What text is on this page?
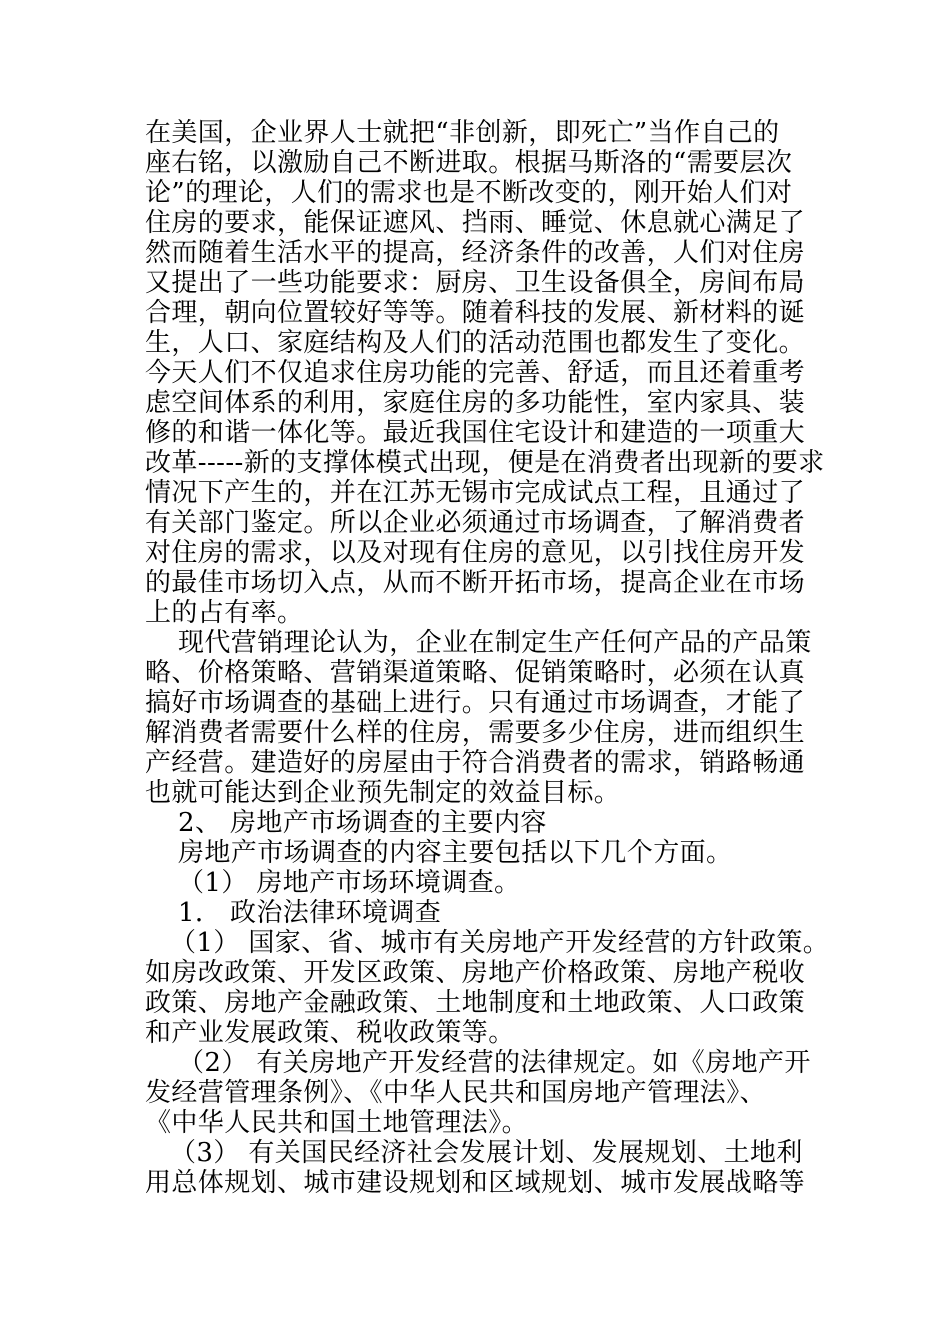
在美国，企业界人士就把“非创新，即死亡”当作自己的
座右铭，以激励自己不断进取。根据马斯洛的“需要层次
论”的理论，人们的需求也是不断改变的，刚开始人们对
住房的要求，能保证遮风、挡雨、睡觉、休息就心满足了
然而随着生活水平的提高，经济条件的改善，人们对住房
又提出了一些功能要求：厨房、卫生设备俱全，房间布局
合理，朝向位置较好等等。随着科技的发展、新材料的诞
生，人口、家庭结构及人们的活动范围也都发生了变化。
今天人们不仅追求住房功能的完善、舒适，而且还着重考
虑空间体系的利用，家庭住房的多功能性，室内家具、装
修的和谐一体化等。最近我国住宅设计和建造的一项重大
改革-----新的支撑体模式出现，便是在消费者出现新的要求
情况下产生的，并在江苏无锡市完成试点工程，且通过了
有关部门鉴定。所以企业必须通过市场调查，了解消费者
对住房的需求，以及对现有住房的意见，以引找住房开发
的最佳市场切入点，从而不断开拓市场，提高企业在市场
上的占有率。
现代营销理论认为，企业在制定生产任何产品的产品策
略、价格策略、营销渠道策略、促销策略时，必须在认真
搞好市场调查的基础上进行。只有通过市场调查，才能了
解消费者需要什么样的住房，需要多少住房，进而组织生
产经营。建造好的房屋由于符合消费者的需求，销路畅通
也就可能达到企业预先制定的效益目标。
2、 房地产市场调查的主要内容
房地产市场调查的内容主要包括以下几个方面。
（1） 房地产市场环境调查。
1． 政治法律环境调查
（1） 国家、省、城市有关房地产开发经营的方针政策。
如房改政策、开发区政策、房地产价格政策、房地产税收
政策、房地产金融政策、土地制度和土地政策、人口政策
和产业发展政策、税收政策等。
（2） 有关房地产开发经营的法律规定。如《房地产开
发经营管理条例》、《中华人民共和国房地产管理法》、
《中华人民共和国土地管理法》。
（3） 有关国民经济社会发展计划、发展规划、土地利
用总体规划、城市建设规划和区域规划、城市发展战略等
